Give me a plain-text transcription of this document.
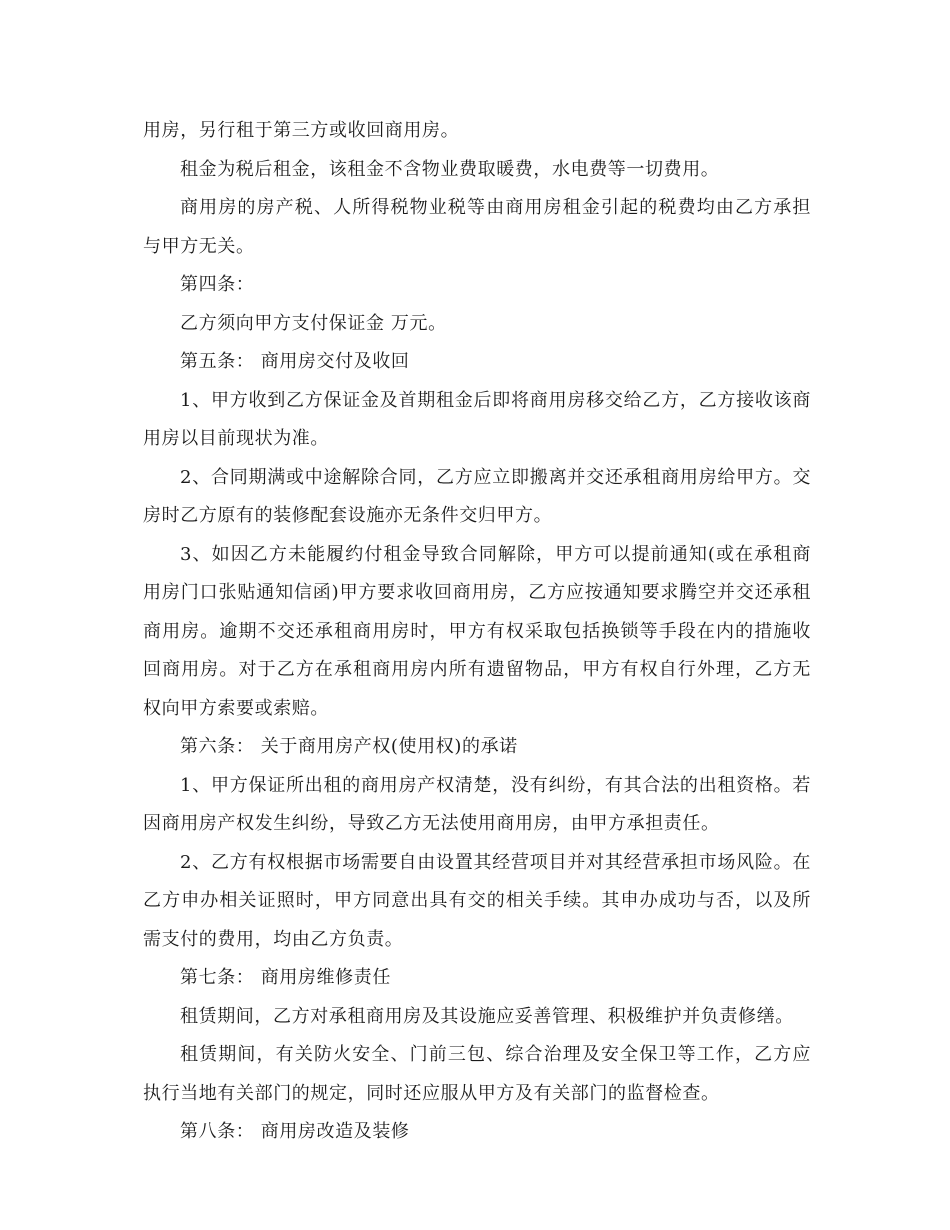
用房，另行租于第三方或收回商用房。

租金为税后租金，该租金不含物业费取暖费，水电费等一切费用。

商用房的房产税、人所得税物业税等由商用房租金引起的税费均由乙方承担与甲方无关。

第四条：

乙方须向甲方支付保证金 万元。

第五条： 商用房交付及收回

1、甲方收到乙方保证金及首期租金后即将商用房移交给乙方，乙方接收该商用房以目前现状为准。

2、合同期满或中途解除合同，乙方应立即搬离并交还承租商用房给甲方。交房时乙方原有的装修配套设施亦无条件交归甲方。

3、如因乙方未能履约付租金导致合同解除，甲方可以提前通知(或在承租商用房门口张贴通知信函)甲方要求收回商用房，乙方应按通知要求腾空并交还承租商用房。逾期不交还承租商用房时，甲方有权采取包括换锁等手段在内的措施收回商用房。对于乙方在承租商用房内所有遗留物品，甲方有权自行外理，乙方无权向甲方索要或索赔。

第六条： 关于商用房产权(使用权)的承诺

1、甲方保证所出租的商用房产权清楚，没有纠纷，有其合法的出租资格。若因商用房产权发生纠纷，导致乙方无法使用商用房，由甲方承担责任。

2、乙方有权根据市场需要自由设置其经营项目并对其经营承担市场风险。在乙方申办相关证照时，甲方同意出具有交的相关手续。其申办成功与否，以及所需支付的费用，均由乙方负责。

第七条： 商用房维修责任

租赁期间，乙方对承租商用房及其设施应妥善管理、积极维护并负责修缮。

租赁期间，有关防火安全、门前三包、综合治理及安全保卫等工作，乙方应执行当地有关部门的规定，同时还应服从甲方及有关部门的监督检查。

第八条： 商用房改造及装修
